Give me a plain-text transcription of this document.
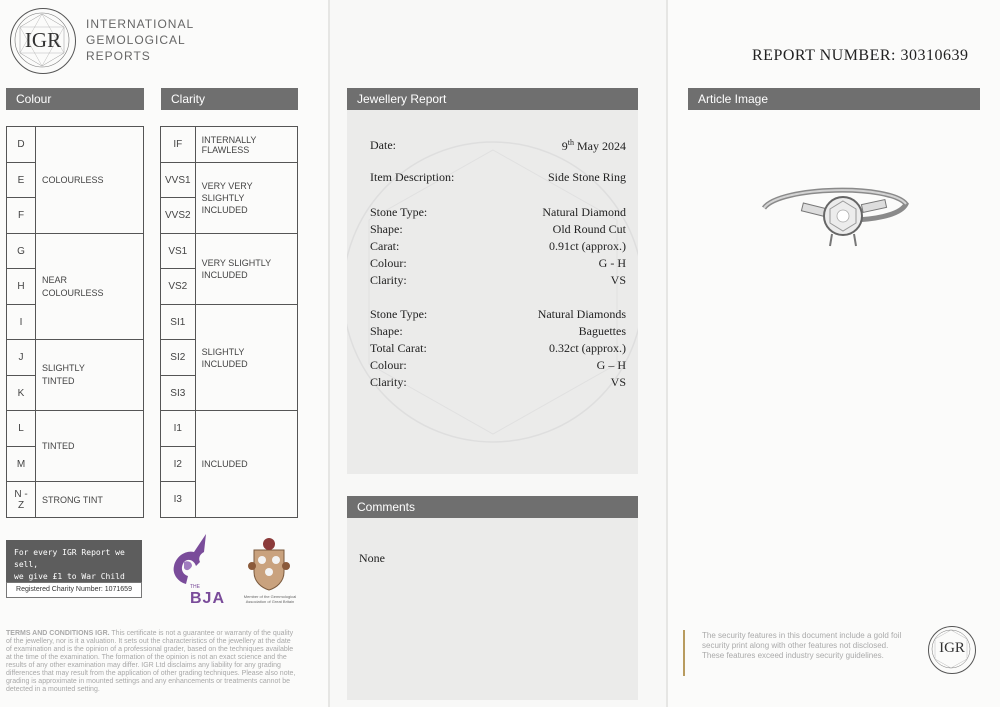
IGR
INTERNATIONAL
GEMOLOGICAL
REPORTS
Colour
D	COLOURLESS
E	
F	
G	NEAR COLOURLESS
H	
I	
J	SLIGHTLY TINTED
K	
L	TINTED
M	
N - Z	STRONG TINT
Clarity
IF	INTERNALLY FLAWLESS
VVS1	VERY VERY SLIGHTLY INCLUDED
VVS2	
VS1	VERY SLIGHTLY INCLUDED
VS2	
SI1	SLIGHTLY INCLUDED
SI2	
SI3	
I1	INCLUDED
I2	
I3	
For every IGR Report we sell,
we give £1 to War Child
Registered Charity Number: 1071659	THE
BJA	Member of the Gemmological Association of Great Britain
TERMS AND CONDITIONS IGR. This certificate is not a guarantee or warranty of the quality of the jewellery, nor is it a valuation. It sets out the characteristics of the jewellery at the date of examination and is the opinion of a professional grader, based on the techniques available at the time of the examination. The formation of the opinion is not an exact science and the results of any other examination may differ. IGR Ltd disclaims any liability for any grading differences that may result from the application of other grading techniques. Please also note, grading is approximate in mounted settings and any enhancements or treatments cannot be detected in a mounted setting.
Jewellery Report
Date:	9th May 2024
Item Description:	Side Stone Ring
Stone Type:	Natural Diamond
Shape:	Old Round Cut
Carat:	0.91ct (approx.)
Colour:	G - H
Clarity:	VS
Stone Type:	Natural Diamonds
Shape:	Baguettes
Total Carat:	0.32ct (approx.)
Colour:	G – H
Clarity:	VS
Comments
None
REPORT NUMBER: 30310639
Article Image
The security features in this document include a gold foil security print along with other features not disclosed. These features exceed industry security guidelines.	IGR
